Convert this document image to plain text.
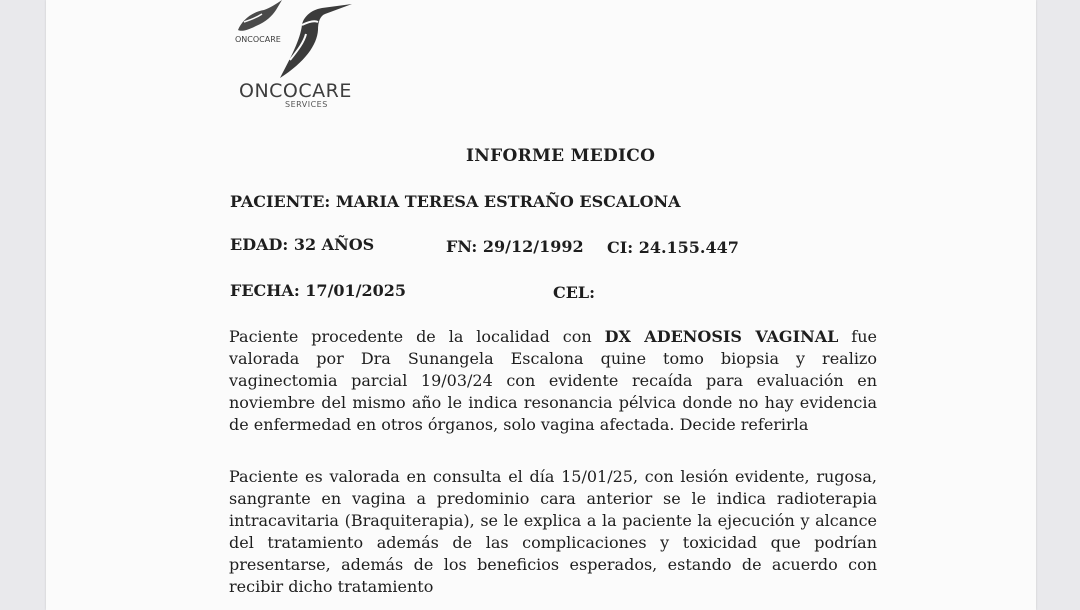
ONCOCARE
ONCOCARE
SERVICES
INFORME MEDICO
PACIENTE: MARIA TERESA ESTRAÑO ESCALONA
EDAD: 32 AÑOS	FN: 29/12/1992 CI: 24.155.447
FECHA: 17/01/2025	CEL:
Paciente procedente de la localidad con DX ADENOSIS VAGINAL fue valorada por Dra Sunangela Escalona quine tomo biopsia y realizo vaginectomia parcial 19/03/24 con evidente recaída para evaluación en noviembre del mismo año le indica resonancia pélvica donde no hay evidencia de enfermedad en otros órganos, solo vagina afectada. Decide referirla
Paciente es valorada en consulta el día 15/01/25, con lesión evidente, rugosa, sangrante en vagina a predominio cara anterior se le indica radioterapia intracavitaria (Braquiterapia), se le explica a la paciente la ejecución y alcance del tratamiento además de las complicaciones y toxicidad que podrían presentarse, además de los beneficios esperados, estando de acuerdo con recibir dicho tratamiento
